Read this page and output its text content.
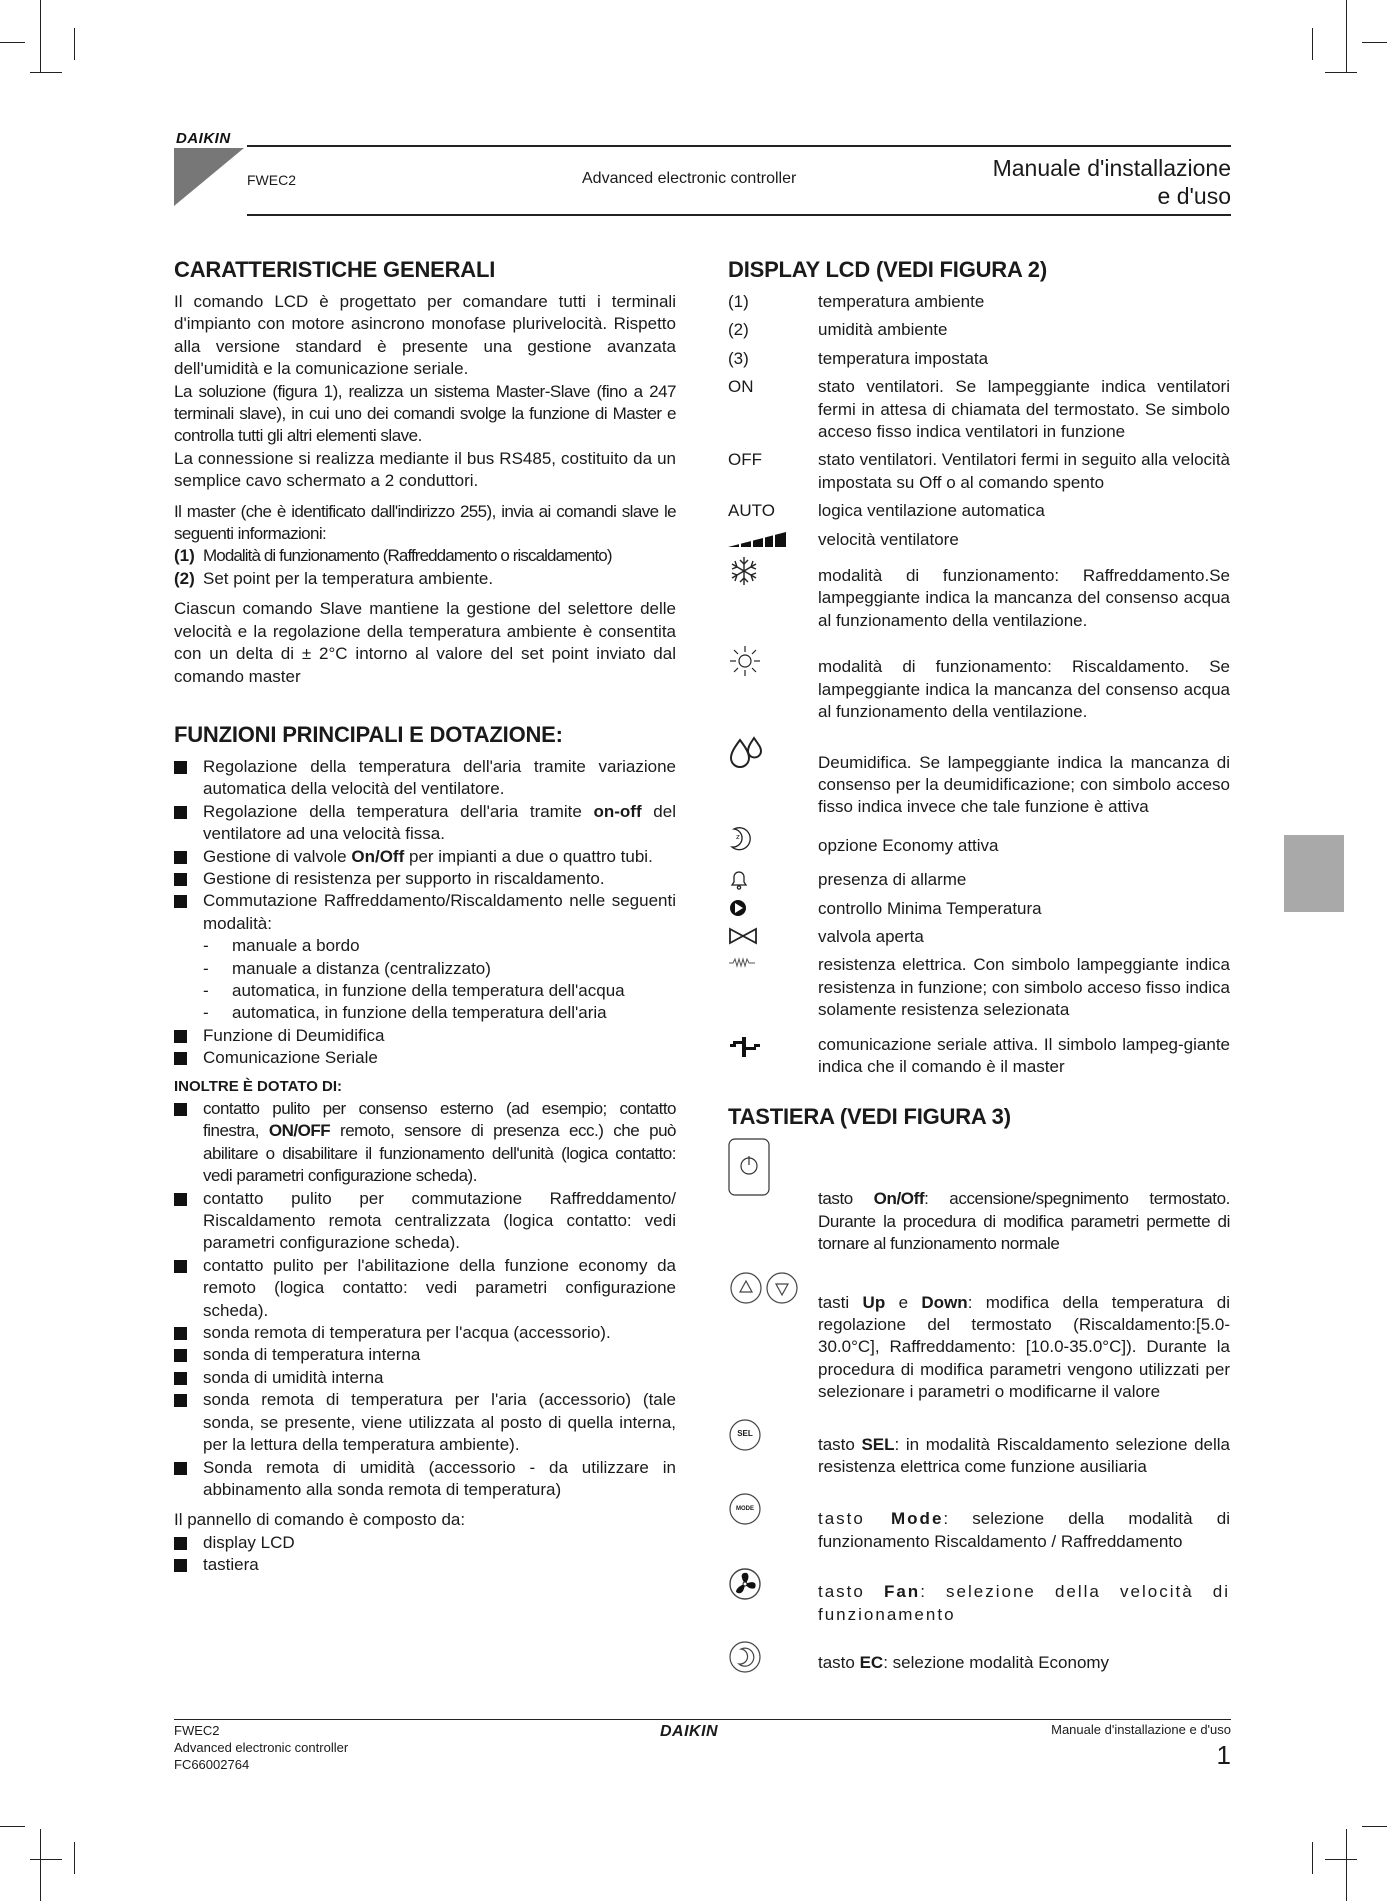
DAIKIN
FWEC2	Advanced electronic controller	Manuale d'installazione
e d'uso
CARATTERISTICHE GENERALI

Il comando LCD è progettato per comandare tutti i terminali d'impianto con motore asincrono monofase plurivelocità. Rispetto alla versione standard è presente una gestione avanzata dell'umidità e la comunicazione seriale.

La soluzione (figura 1), realizza un sistema Master-Slave (fino a 247 terminali slave), in cui uno dei comandi svolge la funzione di Master e controlla tutti gli altri elementi slave.

La connessione si realizza mediante il bus RS485, costituito da un semplice cavo schermato a 2 conduttori.

Il master (che è identificato dall'indirizzo 255), invia ai comandi slave le seguenti informazioni:

(1) Modalità di funzionamento (Raffreddamento o riscaldamento)
(2) Set point per la temperatura ambiente.

Ciascun comando Slave mantiene la gestione del selettore delle velocità e la regolazione della temperatura ambiente è consentita con un delta di ± 2°C intorno al valore del set point inviato dal comando master

FUNZIONI PRINCIPALI E DOTAZIONE:
Regolazione della temperatura dell'aria tramite variazione automatica della velocità del ventilatore.
Regolazione della temperatura dell'aria tramite on-off del ventilatore ad una velocità fissa.
Gestione di valvole On/Off per impianti a due o quattro tubi.
Gestione di resistenza per supporto in riscaldamento.
Commutazione Raffreddamento/Riscaldamento nelle seguenti modalità:
- manuale a bordo
- manuale a distanza (centralizzato)
- automatica, in funzione della temperatura dell'acqua
- automatica, in funzione della temperatura dell'aria
Funzione di Deumidifica
Comunicazione Seriale
INOLTRE È DOTATO DI:
contatto pulito per consenso esterno (ad esempio; contatto finestra, ON/OFF remoto, sensore di presenza ecc.) che può abilitare o disabilitare il funzionamento dell'unità (logica contatto: vedi parametri configurazione scheda).
contatto pulito per commutazione Raffreddamento/ Riscaldamento remota centralizzata (logica contatto: vedi parametri configurazione scheda).
contatto pulito per l'abilitazione della funzione economy da remoto (logica contatto: vedi parametri configurazione scheda).
sonda remota di temperatura per l'acqua (accessorio).
sonda di temperatura interna
sonda di umidità interna
sonda remota di temperatura per l'aria (accessorio) (tale sonda, se presente, viene utilizzata al posto di quella interna, per la lettura della temperatura ambiente).
Sonda remota di umidità (accessorio - da utilizzare in abbinamento alla sonda remota di temperatura)

Il pannello di comando è composto da:

display LCD
tastiera
DISPLAY LCD (VEDI FIGURA 2)
(1)	temperatura ambiente
(2)	umidità ambiente
(3)	temperatura impostata
ON	stato ventilatori. Se lampeggiante indica ventilatori fermi in attesa di chiamata del termostato. Se simbolo acceso fisso indica ventilatori in funzione
OFF	stato ventilatori. Ventilatori fermi in seguito alla velocità impostata su Off o al comando spento
AUTO	logica ventilazione automatica
velocità ventilatore
modalità di funzionamento: Raffreddamento.Se lampeggiante indica la mancanza del consenso acqua al funzionamento della ventilazione.
modalità di funzionamento: Riscaldamento. Se lampeggiante indica la mancanza del consenso acqua al funzionamento della ventilazione.
Deumidifica. Se lampeggiante indica la mancanza di consenso per la deumidificazione; con simbolo acceso fisso indica invece che tale funzione è attiva
z	opzione Economy attiva
presenza di allarme
controllo Minima Temperatura
valvola aperta
resistenza elettrica. Con simbolo lampeggiante indica resistenza in funzione; con simbolo acceso fisso indica solamente resistenza selezionata
comunicazione seriale attiva. Il simbolo lampeg-giante indica che il comando è il master
TASTIERA (VEDI FIGURA 3)
tasto On/Off: accensione/spegnimento termostato. Durante la procedura di modifica parametri permette di tornare al funzionamento normale
tasti Up e Down: modifica della temperatura di regolazione del termostato (Riscaldamento:[5.0-30.0°C], Raffreddamento: [10.0-35.0°C]). Durante la procedura di modifica parametri vengono utilizzati per selezionare i parametri o modificarne il valore
SEL
tasto SEL: in modalità Riscaldamento selezione della resistenza elettrica come funzione ausiliaria
MODE	tasto Mode: selezione della modalità di funzionamento Riscaldamento / Raffreddamento
tasto Fan: selezione della velocità di funzionamento
tasto EC: selezione modalità Economy
FWEC2
Advanced electronic controller
FC66002764
DAIKIN	Manuale d'installazione e d'uso
1
